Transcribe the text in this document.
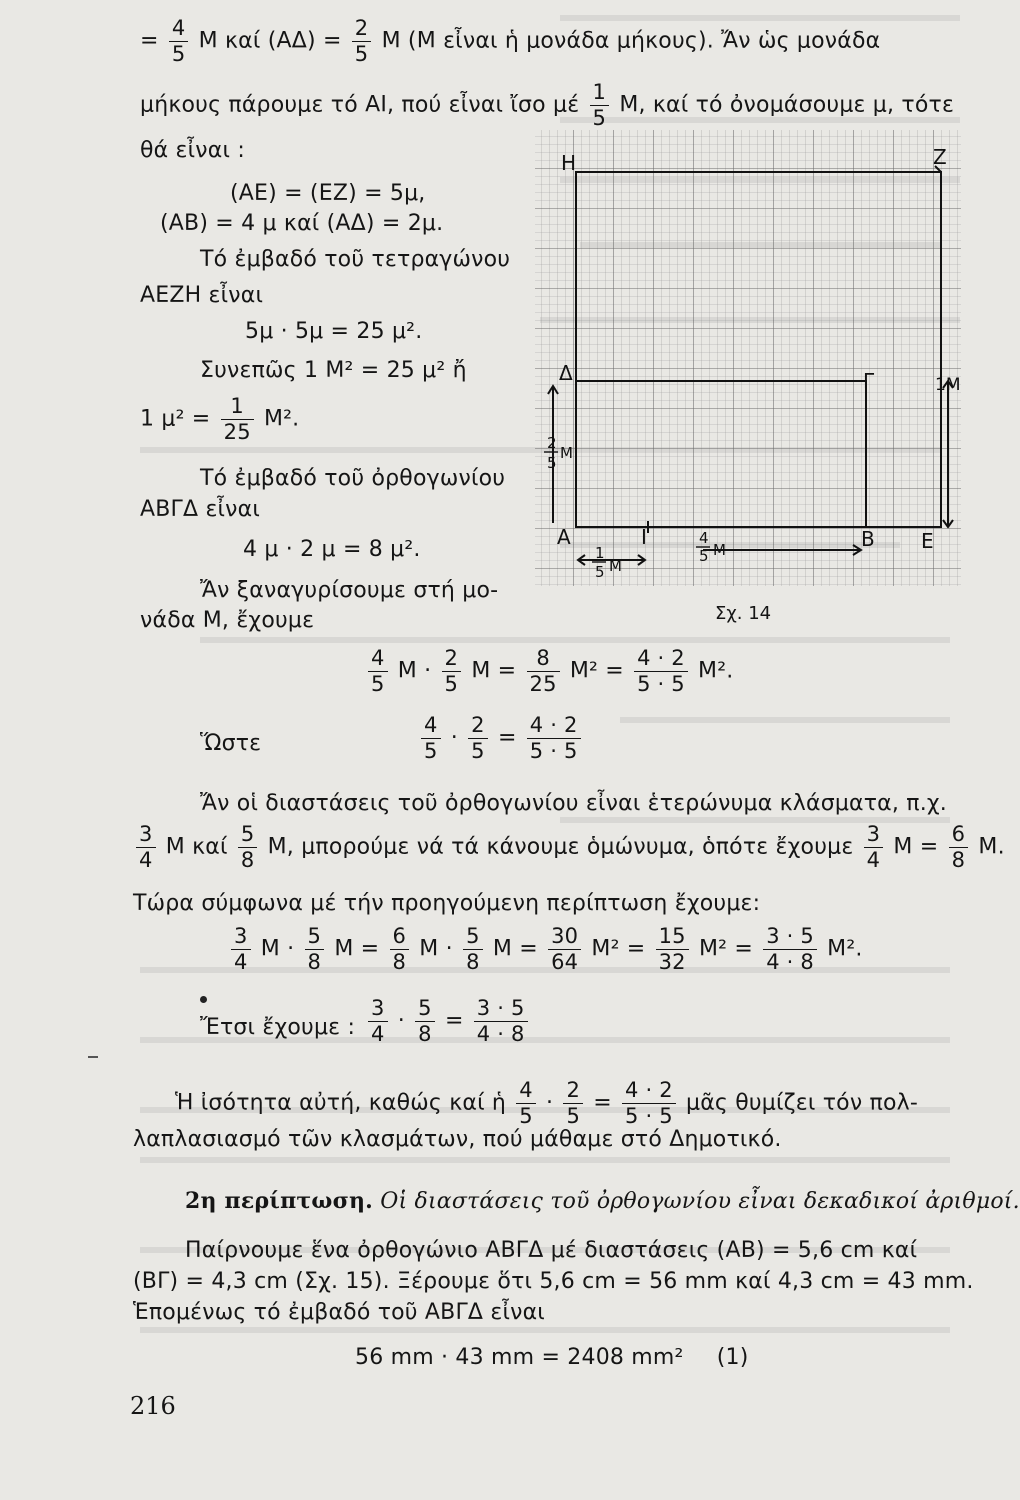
= $\frac{4}{5}$ Μ καί $(A\Delta) = \frac{2}{5}$ Μ (Μ εἶναι ἡ μονάδα μήκους). Ἄν ὡς μονάδα
μήκους πάρουμε τό ΑΙ, πού εἶναι ἴσο μέ $\frac{1}{5} M$, καί τό ὀνομάσουμε μ, τότε
θά εἶναι :
(ΑΕ) = (ΕΖ) = 5μ,
(ΑΒ) = 4 μ καί (ΑΔ) = 2μ.
Τό ἐμβαδό τοῦ τετραγώνου
ΑΕΖΗ εἶναι
5μ · 5μ = 25 μ².
Συνεπῶς 1 Μ² = 25 μ² ἤ
1 $\mu^2 = \frac{1}{25} M^2$.
Τό ἐμβαδό τοῦ ὀρθογωνίου
ΑΒΓΔ εἶναι
4 μ · 2 μ = 8 μ².
Ἄν ξαναγυρίσουμε στή μο-
νάδα Μ, ἔχουμε
Η	Ζ
Δ	Γ
Α	Ι	Β Ε
1Μ
2
5
Μ
4
5 Μ
1
5 Μ
Σχ. 14
$\frac{4}{5}$ $M \cdot \frac{2}{5}$ $M = \frac{8}{25} M^2 = \frac{4 \cdot 2}{5 \cdot 5} M^2$.
Ὥστε	$\frac{4}{5} \cdot \frac{2}{5} = \frac{4 \cdot 2}{5 \cdot 5}$
Ἄν οἱ διαστάσεις τοῦ ὀρθογωνίου εἶναι ἑτερώνυμα κλάσματα, π.χ.
$\frac{3}{4}$ Μ καί $\frac{5}{8} M$, μπορούμε νά τά κάνουμε ὁμώνυμα, ὁπότε ἔχουμε $\frac{3}{4}$ $M = \frac{6}{8} M$.
Τώρα σύμφωνα μέ τήν προηγούμενη περίπτωση ἔχουμε:
$\frac{3}{4}$ $M \cdot \frac{5}{8}$ $M = \frac{6}{8}$ $M \cdot \frac{5}{8}$ $M = \frac{30}{64} M^2 = \frac{15}{32} M^2 = \frac{3 \cdot 5}{4 \cdot 8} M^2$.
Ἔτσι ἔχουμε : $\frac{3}{4} \cdot \frac{5}{8} = \frac{3 \cdot 5}{4 \cdot 8}$
Ἡ ἰσότητα αὐτή, καθώς καί ἡ $\frac{4}{5} \cdot \frac{2}{5} = \frac{4 \cdot 2}{5 \cdot 5}$ μᾶς θυμίζει τόν πολ-
λαπλασιασμό τῶν κλασμάτων, πού μάθαμε στό Δημοτικό.
2η περίπτωση. Οἱ διαστάσεις τοῦ ὀρθογωνίου εἶναι δεκαδικοί ἀριθμοί.
Παίρνουμε ἕνα ὀρθογώνιο ΑΒΓΔ μέ διαστάσεις (ΑΒ) = 5,6 cm καί
(ΒΓ) = 4,3 cm (Σχ. 15). Ξέρουμε ὅτι 5,6 cm = 56 mm καί 4,3 cm = 43 mm.
Ἑπομένως τό ἐμβαδό τοῦ ΑΒΓΔ εἶναι
56 mm · 43 mm = 2408 mm² (1)
216
